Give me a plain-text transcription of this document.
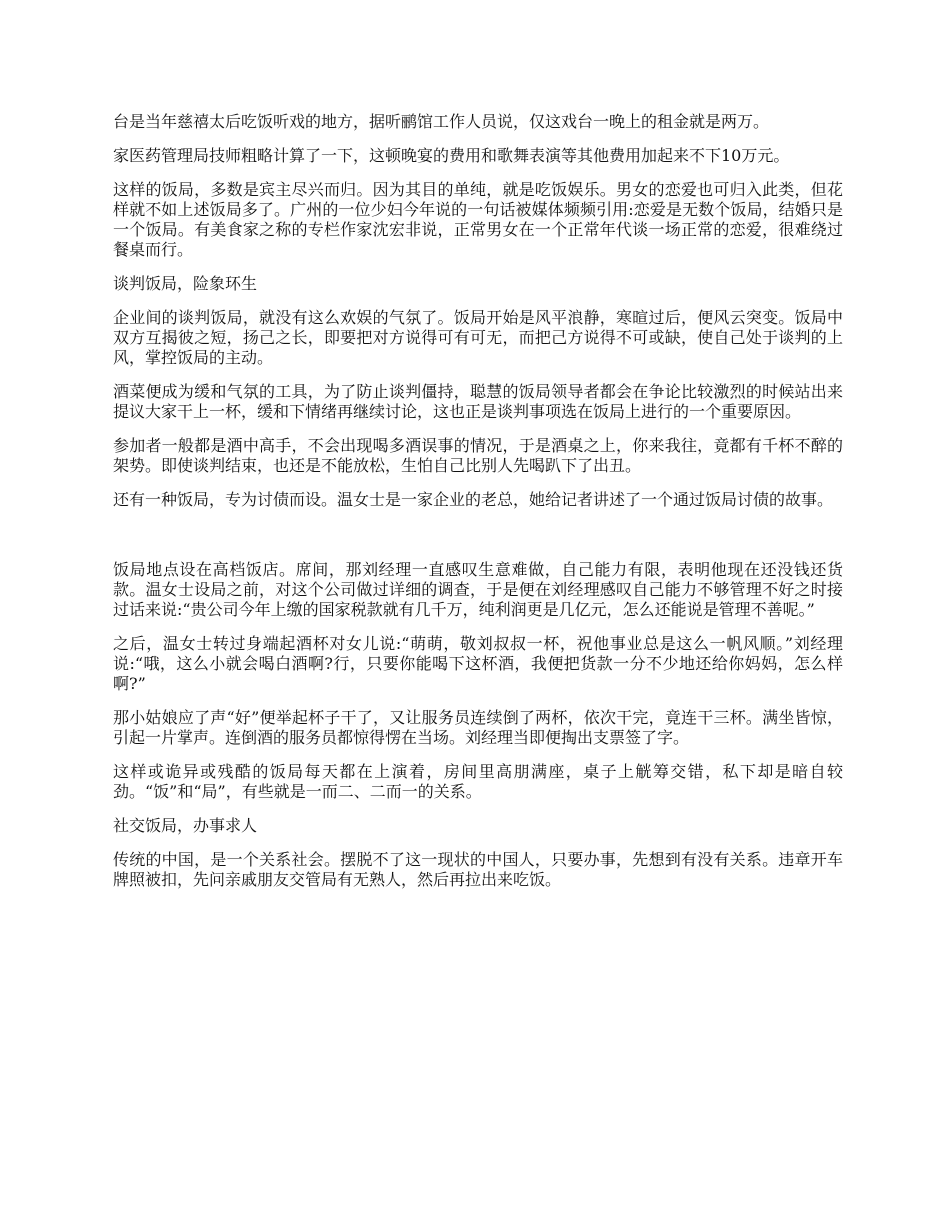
台是当年慈禧太后吃饭听戏的地方，据听鹂馆工作人员说，仅这戏台一晚上的租金就是两万。

家医药管理局技师粗略计算了一下，这顿晚宴的费用和歌舞表演等其他费用加起来不下10万元。

这样的饭局，多数是宾主尽兴而归。因为其目的单纯，就是吃饭娱乐。男女的恋爱也可归入此类，但花样就不如上述饭局多了。广州的一位少妇今年说的一句话被媒体频频引用:恋爱是无数个饭局，结婚只是一个饭局。有美食家之称的专栏作家沈宏非说，正常男女在一个正常年代谈一场正常的恋爱，很难绕过餐桌而行。

谈判饭局，险象环生

企业间的谈判饭局，就没有这么欢娱的气氛了。饭局开始是风平浪静，寒暄过后，便风云突变。饭局中双方互揭彼之短，扬己之长，即要把对方说得可有可无，而把己方说得不可或缺，使自己处于谈判的上风，掌控饭局的主动。

酒菜便成为缓和气氛的工具，为了防止谈判僵持，聪慧的饭局领导者都会在争论比较激烈的时候站出来提议大家干上一杯，缓和下情绪再继续讨论，这也正是谈判事项选在饭局上进行的一个重要原因。

参加者一般都是酒中高手，不会出现喝多酒误事的情况，于是酒桌之上，你来我往，竟都有千杯不醉的架势。即使谈判结束，也还是不能放松，生怕自己比别人先喝趴下了出丑。

还有一种饭局，专为讨债而设。温女士是一家企业的老总，她给记者讲述了一个通过饭局讨债的故事。

饭局地点设在高档饭店。席间，那刘经理一直感叹生意难做，自己能力有限，表明他现在还没钱还货款。温女士设局之前，对这个公司做过详细的调查，于是便在刘经理感叹自己能力不够管理不好之时接过话来说:“贵公司今年上缴的国家税款就有几千万，纯利润更是几亿元，怎么还能说是管理不善呢。”

之后，温女士转过身端起酒杯对女儿说:“萌萌，敬刘叔叔一杯，祝他事业总是这么一帆风顺。”刘经理说:“哦，这么小就会喝白酒啊?行，只要你能喝下这杯酒，我便把货款一分不少地还给你妈妈，怎么样啊?”

那小姑娘应了声“好”便举起杯子干了，又让服务员连续倒了两杯，依次干完，竟连干三杯。满坐皆惊，引起一片掌声。连倒酒的服务员都惊得愣在当场。刘经理当即便掏出支票签了字。

这样或诡异或残酷的饭局每天都在上演着，房间里高朋满座，桌子上觥筹交错，私下却是暗自较劲。“饭”和“局”，有些就是一而二、二而一的关系。

社交饭局，办事求人

传统的中国，是一个关系社会。摆脱不了这一现状的中国人，只要办事，先想到有没有关系。违章开车牌照被扣，先问亲戚朋友交管局有无熟人，然后再拉出来吃饭。
